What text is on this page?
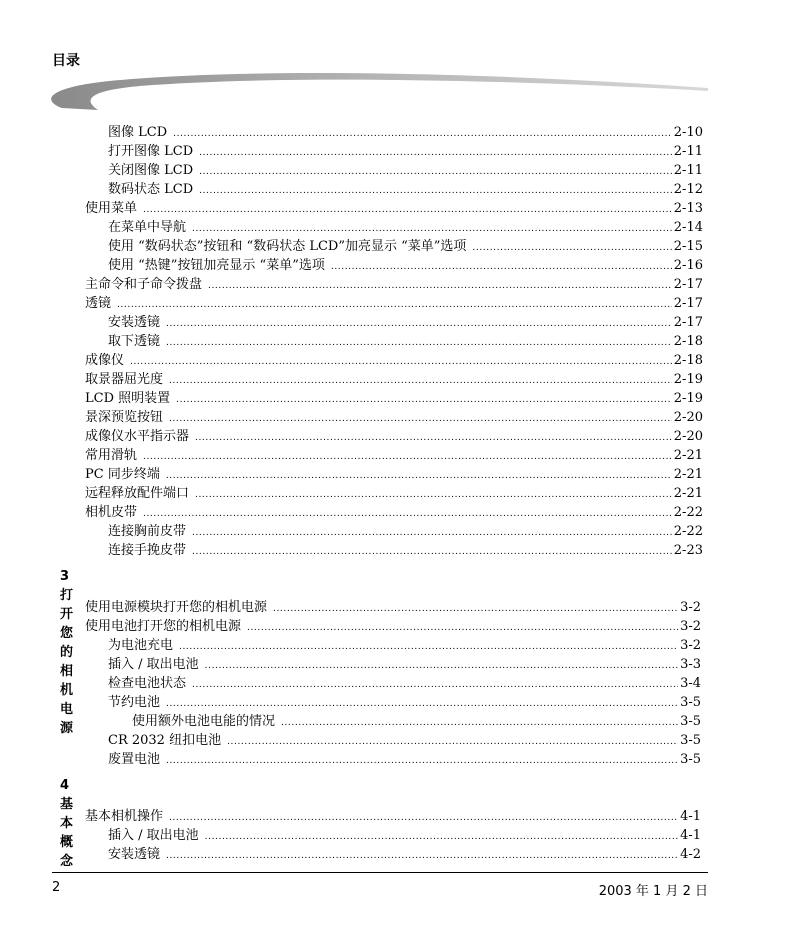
目录
图像 LCD .....	2-10
打开图像 LCD .....	2-11
关闭图像 LCD .....	2-11
数码状态 LCD .....	2-12
使用菜单 .....	2-13
在菜单中导航 .....	2-14
使用 “数码状态”按钮和 “数码状态 LCD”加亮显示 “菜单”选项 .....	2-15
使用 “热键”按钮加亮显示 “菜单”选项 .....	2-16
主命令和子命令拨盘 .....	2-17
透镜 .....	2-17
安装透镜 .....	2-17
取下透镜 .....	2-18
成像仪 .....	2-18
取景器屈光度 .....	2-19
LCD 照明装置 .....	2-19
景深预览按钮 .....	2-20
成像仪水平指示器 .....	2-20
常用滑轨 .....	2-21
PC 同步终端 .....	2-21
远程释放配件端口 .....	2-21
相机皮带 .....	2-22
连接胸前皮带 .....	2-22
连接手挽皮带 .....	2-23
3 打开您的相机电源
使用电源模块打开您的相机电源 .....	3-2
使用电池打开您的相机电源 .....	3-2
为电池充电 .....	3-2
插入 / 取出电池 .....	3-3
检查电池状态 .....	3-4
节约电池 .....	3-5
使用额外电池电能的情况 .....	3-5
CR 2032 纽扣电池 .....	3-5
废置电池 .....	3-5
4 基本概念
基本相机操作 .....	4-1
插入 / 取出电池 .....	4-1
安装透镜 .....	4-2
2	2003 年 1 月 2 日
